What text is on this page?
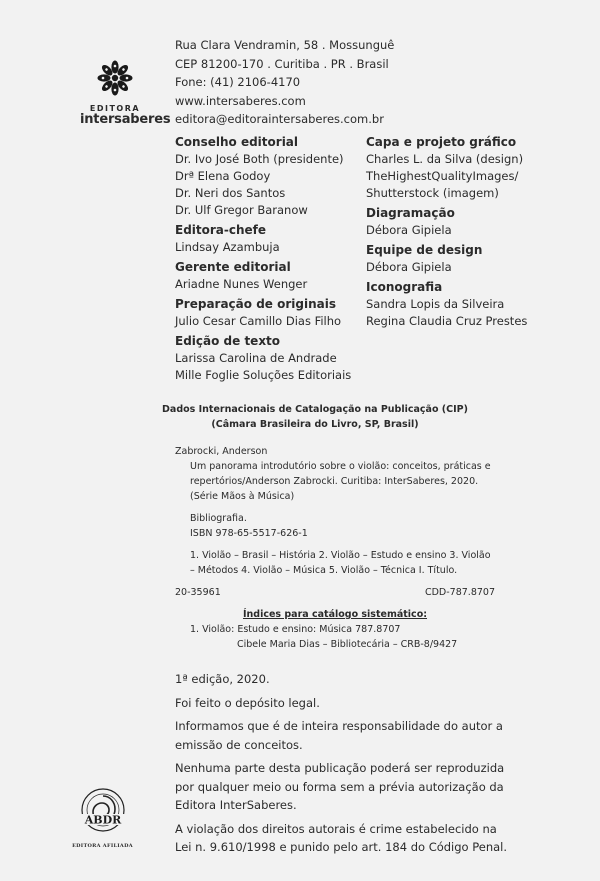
EDITORA
intersaberes
Rua Clara Vendramin, 58 . Mossunguê
CEP 81200-170 . Curitiba . PR . Brasil
Fone: (41) 2106-4170
www.intersaberes.com
editora@editoraintersaberes.com.br
Conselho editorial
Dr. Ivo José Both (presidente)
Drª Elena Godoy
Dr. Neri dos Santos
Dr. Ulf Gregor Baranow
Editora-chefe
Lindsay Azambuja
Gerente editorial
Ariadne Nunes Wenger
Preparação de originais
Julio Cesar Camillo Dias Filho
Edição de texto
Larissa Carolina de Andrade
Mille Foglie Soluções Editoriais
Capa e projeto gráfico
Charles L. da Silva (design)
TheHighestQualityImages/
Shutterstock (imagem)
Diagramação
Débora Gipiela
Equipe de design
Débora Gipiela
Iconografia
Sandra Lopis da Silveira
Regina Claudia Cruz Prestes
Dados Internacionais de Catalogação na Publicação (CIP)
(Câmara Brasileira do Livro, SP, Brasil)
Zabrocki, Anderson
Um panorama introdutório sobre o violão: conceitos, práticas e repertórios/Anderson Zabrocki. Curitiba: InterSaberes, 2020. (Série Mãos à Música)
Bibliografia.
ISBN 978-65-5517-626-1
1. Violão – Brasil – História 2. Violão – Estudo e ensino 3. Violão – Métodos 4. Violão – Música 5. Violão – Técnica I. Título.
20-35961	CDD-787.8707
Índices para catálogo sistemático:
1. Violão: Estudo e ensino: Música 787.8707
Cibele Maria Dias – Bibliotecária – CRB-8/9427

1ª edição, 2020.

Foi feito o depósito legal.

Informamos que é de inteira responsabilidade do autor a emissão de conceitos.

Nenhuma parte desta publicação poderá ser reproduzida por qualquer meio ou forma sem a prévia autorização da Editora InterSaberes.

A violação dos direitos autorais é crime estabelecido na Lei n. 9.610/1998 e punido pelo art. 184 do Código Penal.

ABDR
EDITORA AFILIADA
